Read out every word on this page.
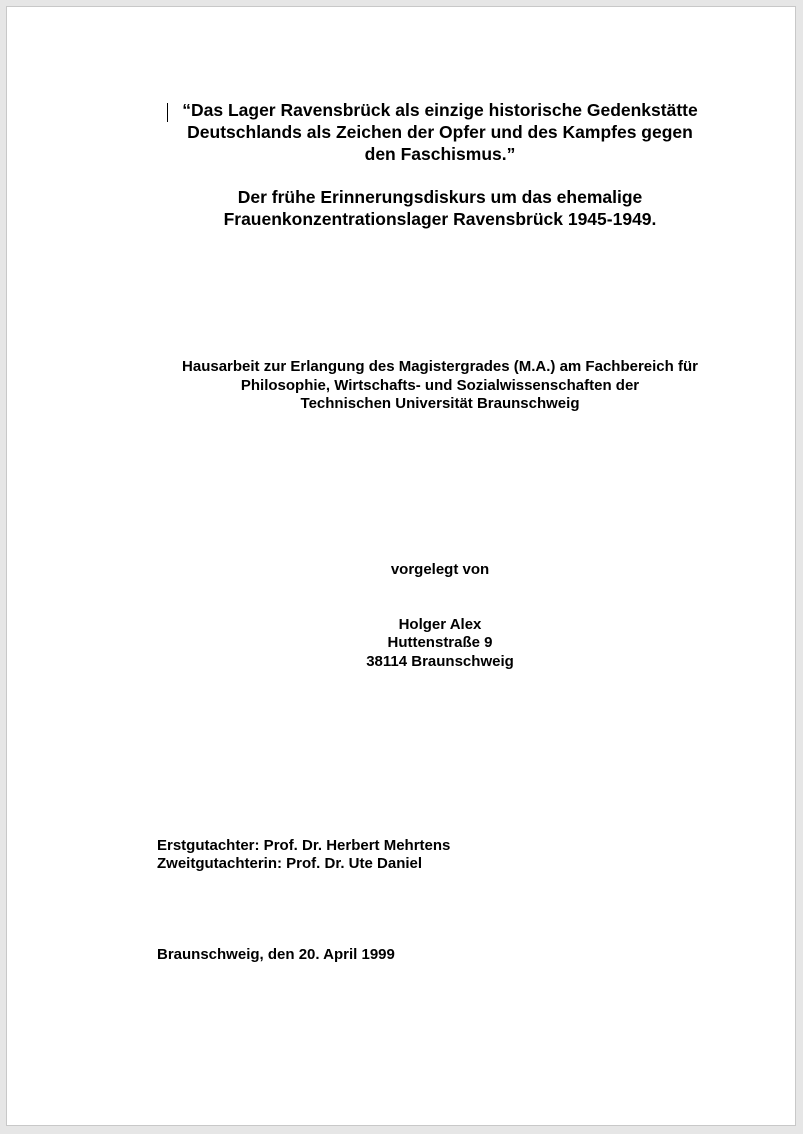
“Das Lager Ravensbrück als einzige historische Gedenkstätte
Deutschlands als Zeichen der Opfer und des Kampfes gegen
den Faschismus.”
Der frühe Erinnerungsdiskurs um das ehemalige
Frauenkonzentrationslager Ravensbrück 1945-1949.
Hausarbeit zur Erlangung des Magistergrades (M.A.) am Fachbereich für
Philosophie, Wirtschafts- und Sozialwissenschaften der
Technischen Universität Braunschweig
vorgelegt von
Holger Alex
Huttenstraße 9
38114 Braunschweig
Erstgutachter: Prof. Dr. Herbert Mehrtens
Zweitgutachterin: Prof. Dr. Ute Daniel
Braunschweig, den 20. April 1999
